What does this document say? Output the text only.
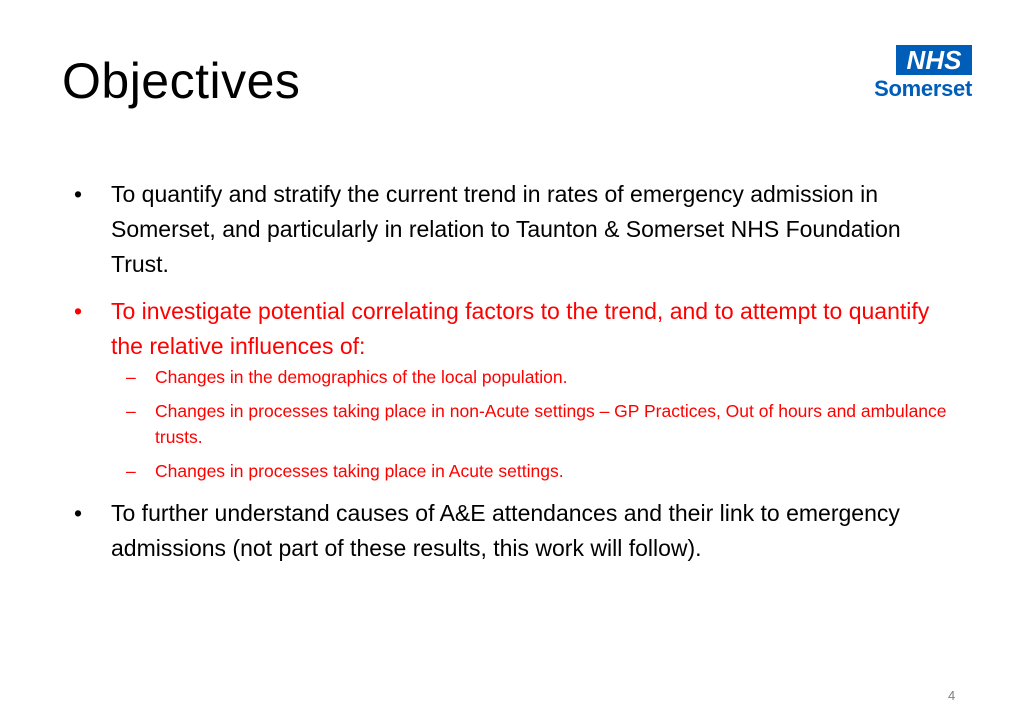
Objectives	NHS
Somerset
•	To quantify and stratify the current trend in rates of emergency admission in Somerset, and particularly in relation to Taunton & Somerset NHS Foundation Trust.
•	To investigate potential correlating factors to the trend, and to attempt to quantify the relative influences of:
– Changes in the demographics of the local population.
– Changes in processes taking place in non-Acute settings – GP Practices, Out of hours and ambulance trusts.
– Changes in processes taking place in Acute settings.
•	To further understand causes of A&E attendances and their link to emergency admissions (not part of these results, this work will follow).
4
